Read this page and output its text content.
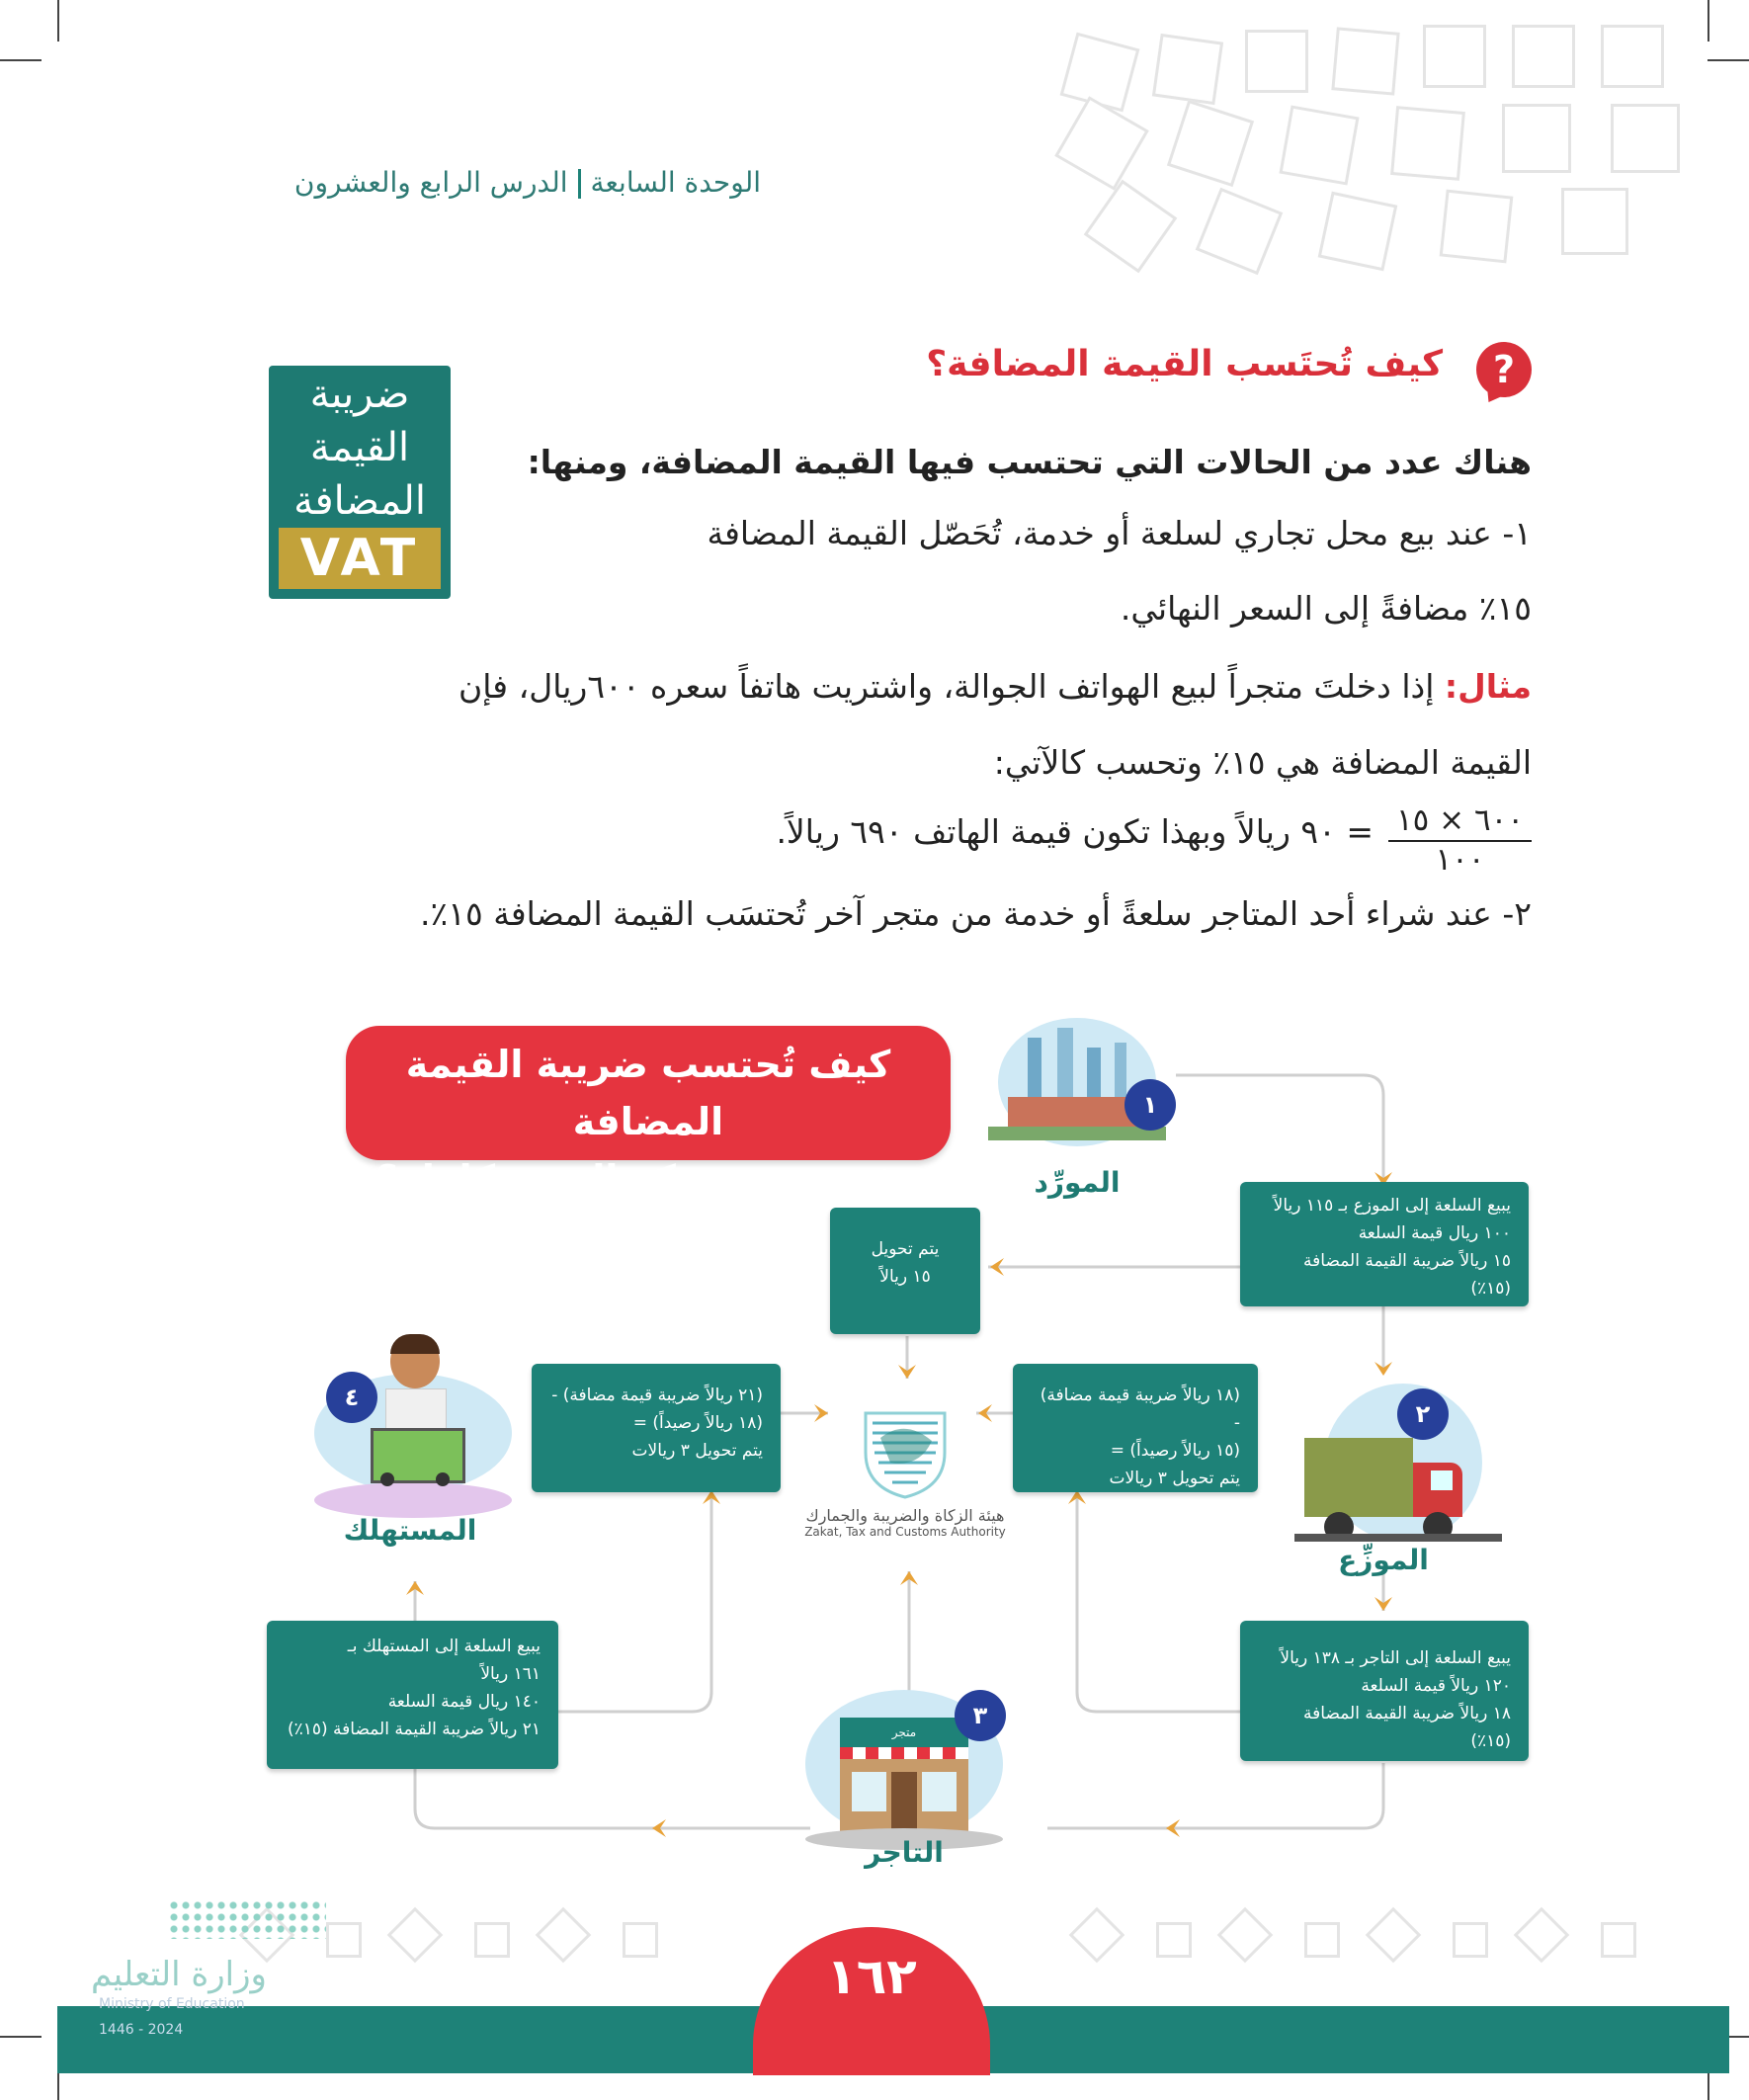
الوحدة السابعةالدرس الرابع والعشرون
ضريبة
القيمة
المضافة
VAT
?
كيف تُحتَسب القيمة المضافة؟
هناك عدد من الحالات التي تحتسب فيها القيمة المضافة، ومنها:
١- عند بيع محل تجاري لسلعة أو خدمة، تُحَصّل القيمة المضافة
١٥٪ مضافةً إلى السعر النهائي.
مثال: إذا دخلتَ متجراً لبيع الهواتف الجوالة، واشتريت هاتفاً سعره ٦٠٠ريال، فإن
القيمة المضافة هي ١٥٪ وتحسب كالآتي:
٦٠٠ × ١٥
١٠٠
= ٩٠ ريالاً وبهذا تكون قيمة الهاتف ٦٩٠ ريالاً.
٢- عند شراء أحد المتاجر سلعةً أو خدمة من متجر آخر تُحتسَب القيمة المضافة ١٥٪.
كيف تُحتسب ضريبة القيمة المضافة
وفق دورة حركة المنتج كاملة؟
١
المورِّد
يبيع السلعة إلى الموزع بـ ١١٥ ريالاً
١٠٠ ريال قيمة السلعة
١٥ ريالاً ضريبة القيمة المضافة (١٥٪)
يتم تحويل
١٥ ريالاً
(١٨ ريالاً ضريبة قيمة مضافة) -
(١٥ ريالاً رصيداً) =
يتم تحويل ٣ ريالات
(٢١ ريالاً ضريبة قيمة مضافة) -
(١٨ ريالاً رصيداً) =
يتم تحويل ٣ ريالات
هيئة الزكاة والضريبة والجمارك
Zakat, Tax and Customs Authority
٢
الموزِّع
يبيع السلعة إلى التاجر بـ ١٣٨ ريالاً
١٢٠ ريالاً قيمة السلعة
١٨ ريالاً ضريبة القيمة المضافة (١٥٪)
٤
المستهلك
يبيع السلعة إلى المستهلك بـ
١٦١ ريالاً
١٤٠ ريال قيمة السلعة
٢١ ريالاً ضريبة القيمة المضافة (١٥٪)	متجر
٣
التاجر
١٦٢
وزارة التعليم
Ministry of Education
2024 - 1446
